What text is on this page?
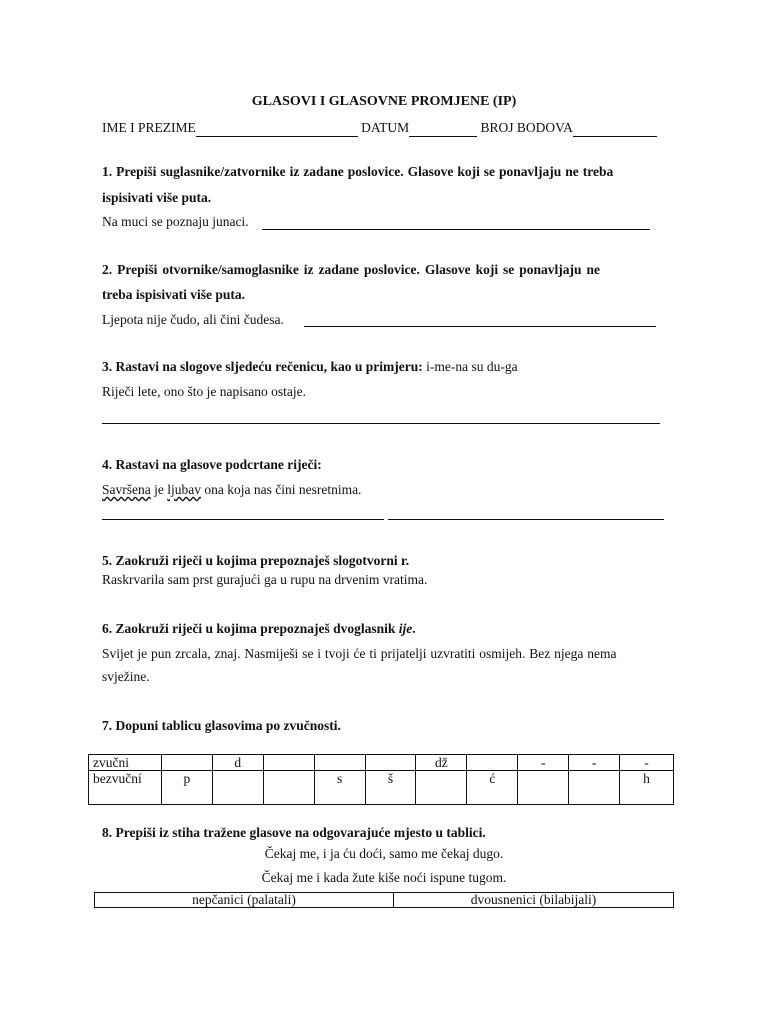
GLASOVI I GLASOVNE PROMJENE (IP)
IME I PREZIME	DATUM	BROJ BODOVA
1. Prepiši suglasnike/zatvornike iz zadane poslovice. Glasove koji se ponavljaju ne treba
ispisivati više puta.
Na muci se poznaju junaci.
2. Prepiši otvornike/samoglasnike iz zadane poslovice. Glasove koji se ponavljaju ne
treba ispisivati više puta.
Ljepota nije čudo, ali čini čudesa.
3. Rastavi na slogove sljedeću rečenicu, kao u primjeru: i-me-na su du-ga
Riječi lete, ono što je napisano ostaje.
4. Rastavi na glasove podcrtane riječi:
Savršena je ljubav ona koja nas čini nesretnima.
5. Zaokruži riječi u kojima prepoznaješ slogotvorni r.
Raskrvarila sam prst gurajući ga u rupu na drvenim vratima.
6. Zaokruži riječi u kojima prepoznaješ dvoglasnik ije.
Svijet je pun zrcala, znaj. Nasmiješi se i tvoji će ti prijatelji uzvratiti osmijeh. Bez njega nema
svježine.
7. Dopuni tablicu glasovima po zvučnosti.
zvučni		d				dž		-	-	-
bezvuční	p			s	š		ć			h
8. Prepiši iz stiha tražene glasove na odgovarajuće mjesto u tablici.
Čekaj me, i ja ću doći, samo me čekaj dugo.
Čekaj me i kada žute kiše noći ispune tugom.
nepčanici (palatali)	dvousnenici (bilabijali)
